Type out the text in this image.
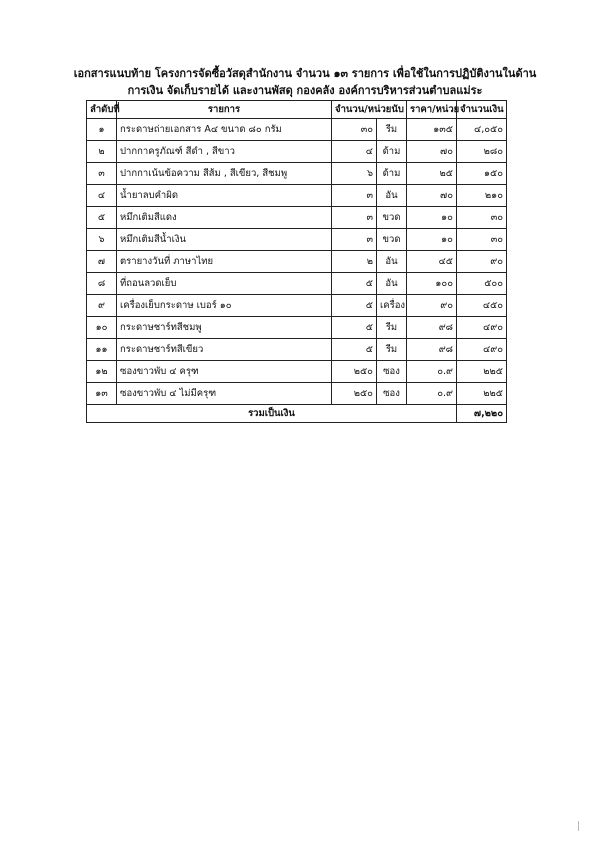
เอกสารแนบท้าย โครงการจัดซื้อวัสดุสำนักงาน จำนวน ๑๓ รายการ เพื่อใช้ในการปฏิบัติงานในด้าน
การเงิน จัดเก็บรายได้ และงานพัสดุ กองคลัง องค์การบริหารส่วนตำบลแม่ระ
ลำดับที่	รายการ	จำนวน/หน่วยนับ		ราคา/หน่วย	จำนวนเงิน
๑	กระดาษถ่ายเอกสาร A๔ ขนาด ๘๐ กรัม	๓๐	รีม	๑๓๕	๔,๐๕๐
๒	ปากกาครูภัณฑ์ สีดำ , สีขาว	๔	ด้าม	๗๐	๒๘๐
๓	ปากกาเน้นข้อความ สีส้ม , สีเขียว, สีชมพู	๖	ด้าม	๒๕	๑๕๐
๔	น้ำยาลบคำผิด	๓	อัน	๗๐	๒๑๐
๕	หมึกเติมสีแดง	๓	ขวด	๑๐	๓๐
๖	หมึกเติมสีน้ำเงิน	๓	ขวด	๑๐	๓๐
๗	ตรายางวันที่ ภาษาไทย	๒	อัน	๔๕	๙๐
๘	ที่ถอนลวดเย็บ	๕	อัน	๑๐๐	๕๐๐
๙	เครื่องเย็บกระดาษ เบอร์ ๑๐	๕	เครื่อง	๙๐	๔๕๐
๑๐	กระดาษชาร์ทสีชมพู	๕	รีม	๙๘	๔๙๐
๑๑	กระดาษชาร์ทสีเขียว	๕	รีม	๙๘	๔๙๐
๑๒	ซองขาวพับ ๔ ครุฑ	๒๕๐	ซอง	๐.๙	๒๒๕
๑๓	ซองขาวพับ ๔ ไม่มีครุฑ	๒๕๐	ซอง	๐.๙	๒๒๕
รวมเป็นเงิน					๗,๒๒๐
